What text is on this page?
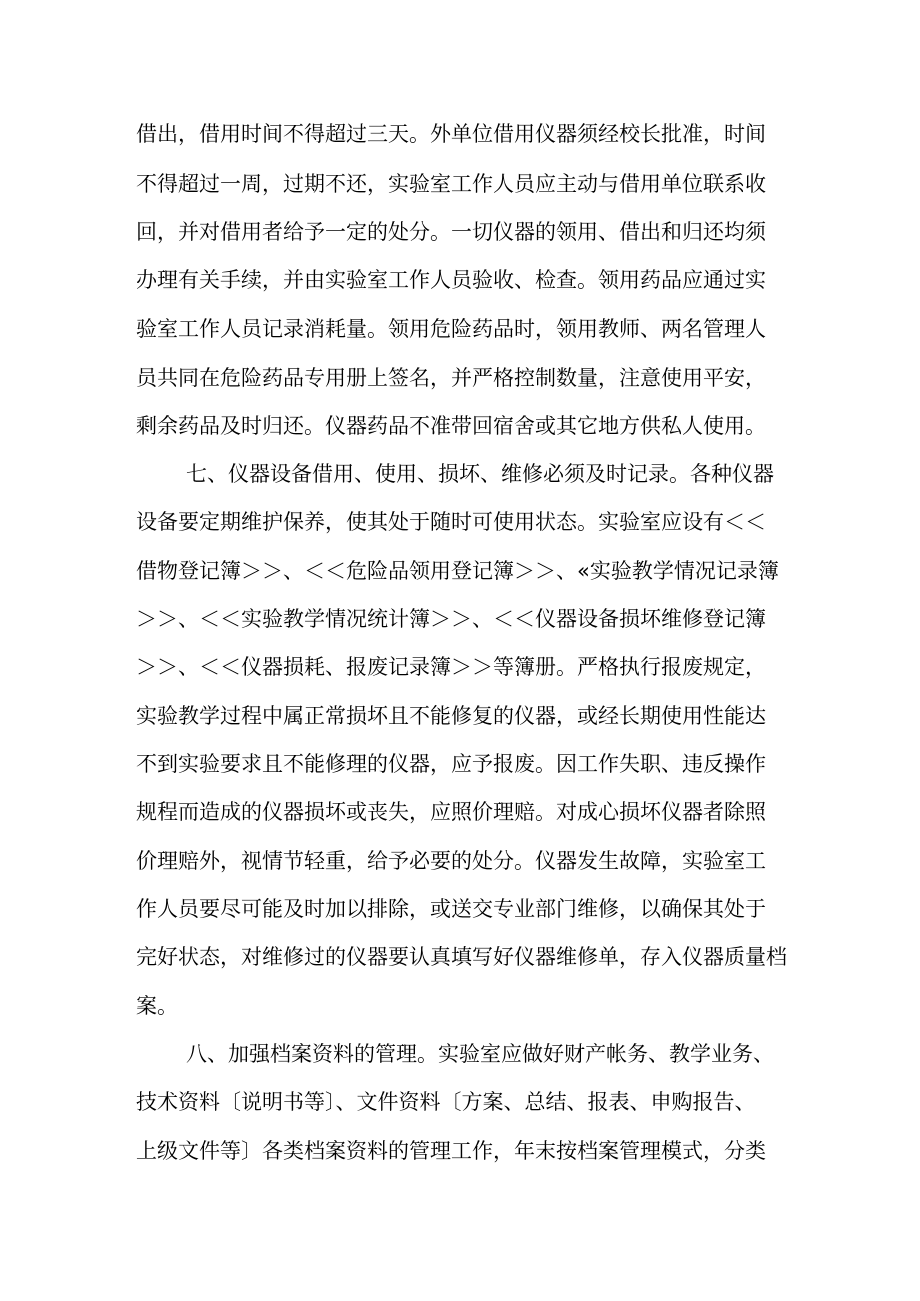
借出，借用时间不得超过三天。外单位借用仪器须经校长批准，时间
不得超过一周，过期不还，实验室工作人员应主动与借用单位联系收
回，并对借用者给予一定的处分。一切仪器的领用、借出和归还均须
办理有关手续，并由实验室工作人员验收、检查。领用药品应通过实
验室工作人员记录消耗量。领用危险药品时，领用教师、两名管理人
员共同在危险药品专用册上签名，并严格控制数量，注意使用平安，
剩余药品及时归还。仪器药品不准带回宿舍或其它地方供私人使用。
七、仪器设备借用、使用、损坏、维修必须及时记录。各种仪器
设备要定期维护保养，使其处于随时可使用状态。实验室应设有＜＜
借物登记簿＞＞、＜＜危险品领用登记簿＞＞、«实验教学情况记录簿
＞＞、＜＜实验教学情况统计簿＞＞、＜＜仪器设备损坏维修登记簿
＞＞、＜＜仪器损耗、报废记录簿＞＞等簿册。严格执行报废规定，
实验教学过程中属正常损坏且不能修复的仪器，或经长期使用性能达
不到实验要求且不能修理的仪器，应予报废。因工作失职、违反操作
规程而造成的仪器损坏或丧失，应照价理赔。对成心损坏仪器者除照
价理赔外，视情节轻重，给予必要的处分。仪器发生故障，实验室工
作人员要尽可能及时加以排除，或送交专业部门维修，以确保其处于
完好状态，对维修过的仪器要认真填写好仪器维修单，存入仪器质量档
案。
八、加强档案资料的管理。实验室应做好财产帐务、教学业务、
技术资料〔说明书等〕、文件资料〔方案、总结、报表、申购报告、
上级文件等〕各类档案资料的管理工作，年末按档案管理模式，分类
